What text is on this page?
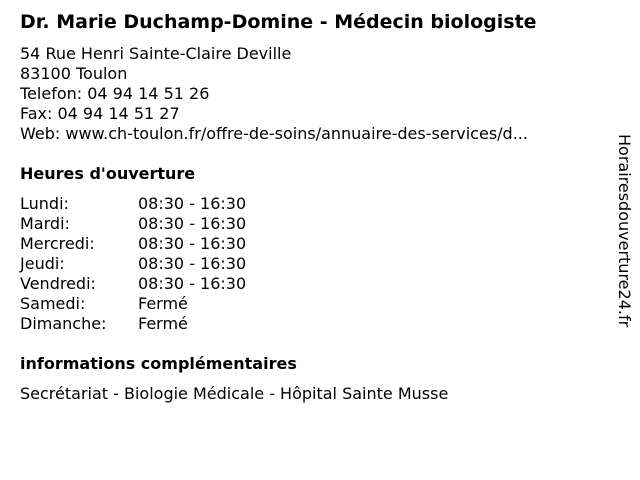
Dr. Marie Duchamp-Domine - Médecin biologiste
54 Rue Henri Sainte-Claire Deville
83100 Toulon
Telefon: 04 94 14 51 26
Fax: 04 94 14 51 27
Web: www.ch-toulon.fr/offre-de-soins/annuaire-des-services/d...
Heures d'ouverture
Lundi:	08:30 - 16:30
Mardi:	08:30 - 16:30
Mercredi:	08:30 - 16:30
Jeudi:	08:30 - 16:30
Vendredi:	08:30 - 16:30
Samedi:	Fermé
Dimanche: Fermé
informations complémentaires
Secrétariat - Biologie Médicale - Hôpital Sainte Musse
Horairesdouverture24.fr
